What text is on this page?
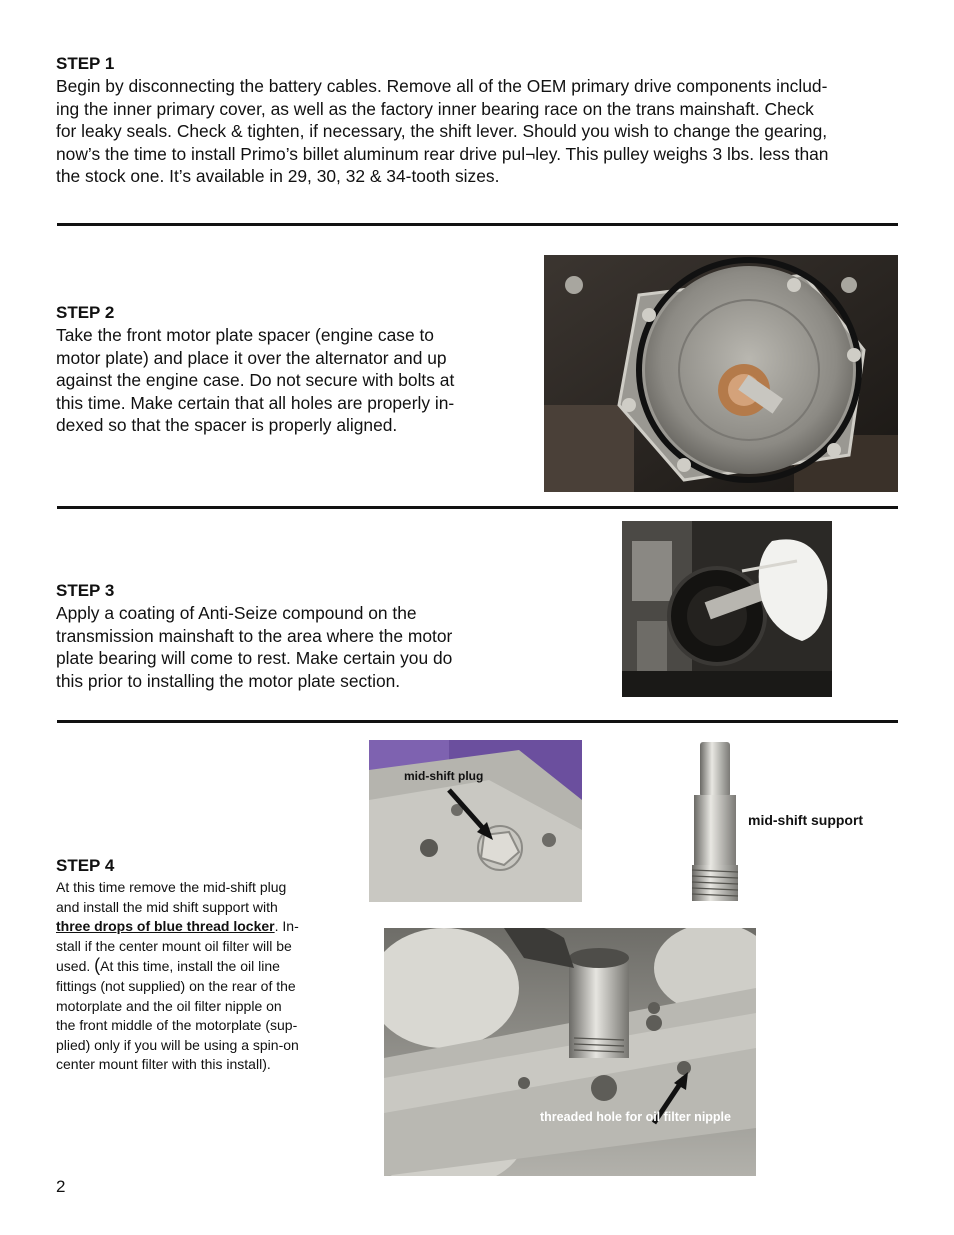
STEP 1

Begin by disconnecting the battery cables. Remove all of the OEM primary drive components includ-

ing the inner primary cover, as well as the factory inner bearing race on the trans mainshaft. Check

for leaky seals. Check & tighten, if necessary, the shift lever. Should you wish to change the gearing,

now’s the time to install Primo’s billet aluminum rear drive pul¬ley. This pulley weighs 3 lbs. less than

the stock one. It’s available in 29, 30, 32 & 34-tooth sizes.

STEP 2

Take the front motor plate spacer (engine case to

motor plate) and place it over the alternator and up

against the engine case. Do not secure with bolts at

this time. Make certain that all holes are properly in-

dexed so that the spacer is properly aligned.

STEP 3

Apply a coating of Anti-Seize compound on the

transmission mainshaft to the area where the motor

plate bearing will come to rest. Make certain you do

this prior to installing the motor plate section.

mid-shift plug
mid-shift support

STEP 4

At this time remove the mid-shift plug

and install the mid shift support with

three drops of blue thread locker. In-

stall if the center mount oil filter will be

used. (At this time, install the oil line

fittings (not supplied) on the rear of the

motorplate and the oil filter nipple on

the front middle of the motorplate (sup-

plied) only if you will be using a spin-on

center mount filter with this install).

threaded hole for oil filter nipple
2
